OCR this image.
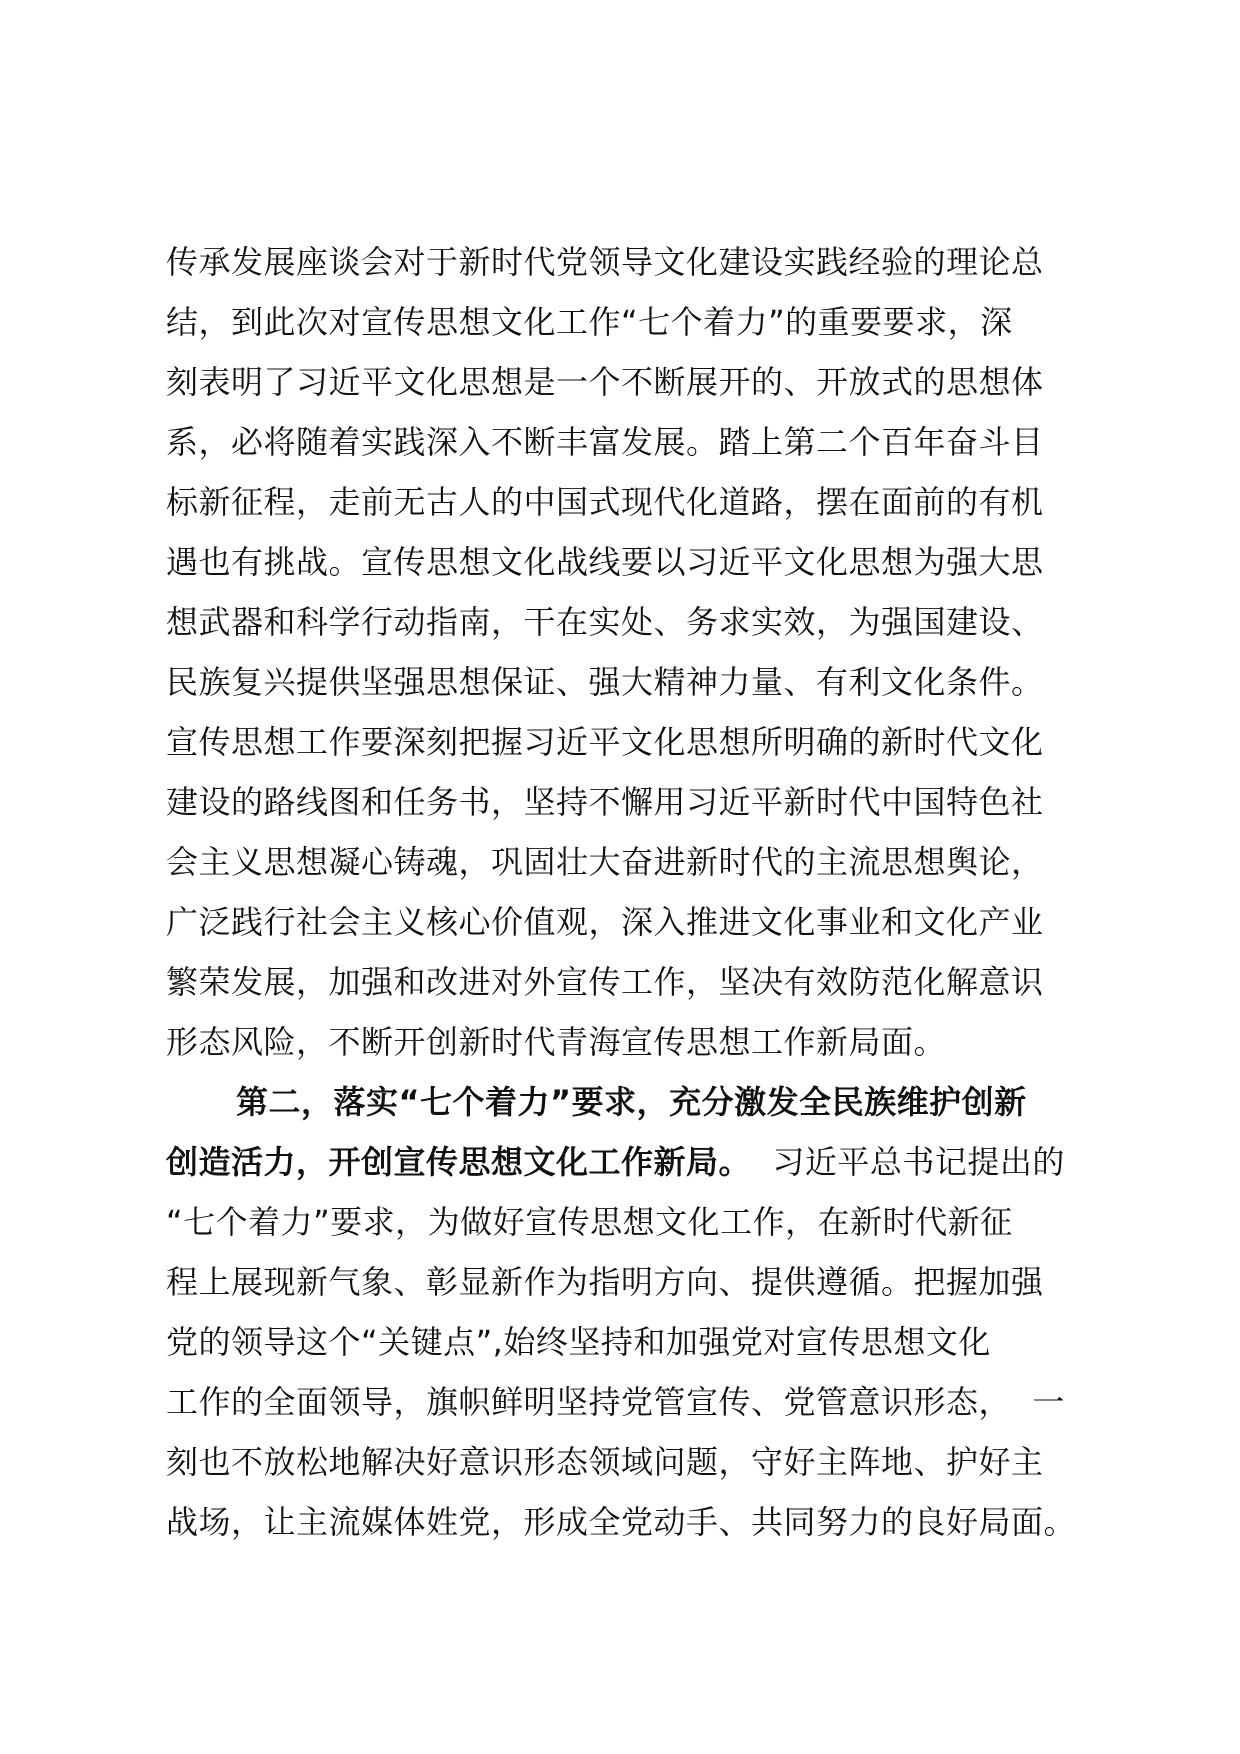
传承发展座谈会对于新时代党领导文化建设实践经验的理论总
结，到此次对宣传思想文化工作“七个着力”的重要要求，深
刻表明了习近平文化思想是一个不断展开的、开放式的思想体
系，必将随着实践深入不断丰富发展。踏上第二个百年奋斗目
标新征程，走前无古人的中国式现代化道路，摆在面前的有机
遇也有挑战。宣传思想文化战线要以习近平文化思想为强大思
想武器和科学行动指南，干在实处、务求实效，为强国建设、
民族复兴提供坚强思想保证、强大精神力量、有利文化条件。
宣传思想工作要深刻把握习近平文化思想所明确的新时代文化
建设的路线图和任务书，坚持不懈用习近平新时代中国特色社
会主义思想凝心铸魂，巩固壮大奋进新时代的主流思想舆论，
广泛践行社会主义核心价值观，深入推进文化事业和文化产业
繁荣发展，加强和改进对外宣传工作，坚决有效防范化解意识
形态风险，不断开创新时代青海宣传思想工作新局面。
第二，落实“七个着力”要求，充分激发全民族维护创新
创造活力，开创宣传思想文化工作新局。  习近平总书记提出的
“七个着力”要求，为做好宣传思想文化工作，在新时代新征
程上展现新气象、彰显新作为指明方向、提供遵循。把握加强
党的领导这个“关键点”,始终坚持和加强党对宣传思想文化
工作的全面领导，旗帜鲜明坚持党管宣传、党管意识形态，  一
刻也不放松地解决好意识形态领域问题，守好主阵地、护好主
战场，让主流媒体姓党，形成全党动手、共同努力的良好局面。
